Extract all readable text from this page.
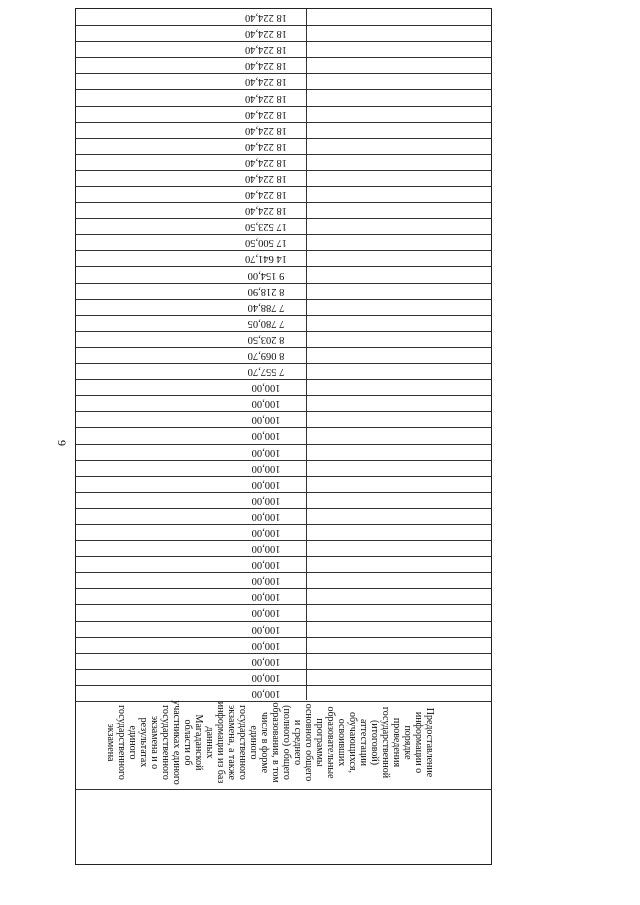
9
18 224,40
18 224,40
18 224,40
18 224,40
18 224,40
18 224,40
18 224,40
18 224,40
18 224,40
18 224,40
18 224,40
18 224,40
18 224,40
17 523,50
17 500,50
14 641,70
9 154,00
8 218,90
7 788,40
7 780,05
8 203,50
8 069,70
7 557,70
100,00
100,00
100,00
100,00
100,00
100,00
100,00
100,00
100,00
100,00
100,00
100,00
100,00
100,00
100,00
100,00
100,00
100,00
100,00
100,00
Предоставление информации о порядке проведения государственной (итоговой) аттестации обучающихся, освоивших образовательные программы основного общего и среднего (полного) общего образования, в том числе в форме единого государственного экзамена, а также информации из баз данных Магаданской области об участниках единого государственного экзамена и о результатах единого государственного экзамена
